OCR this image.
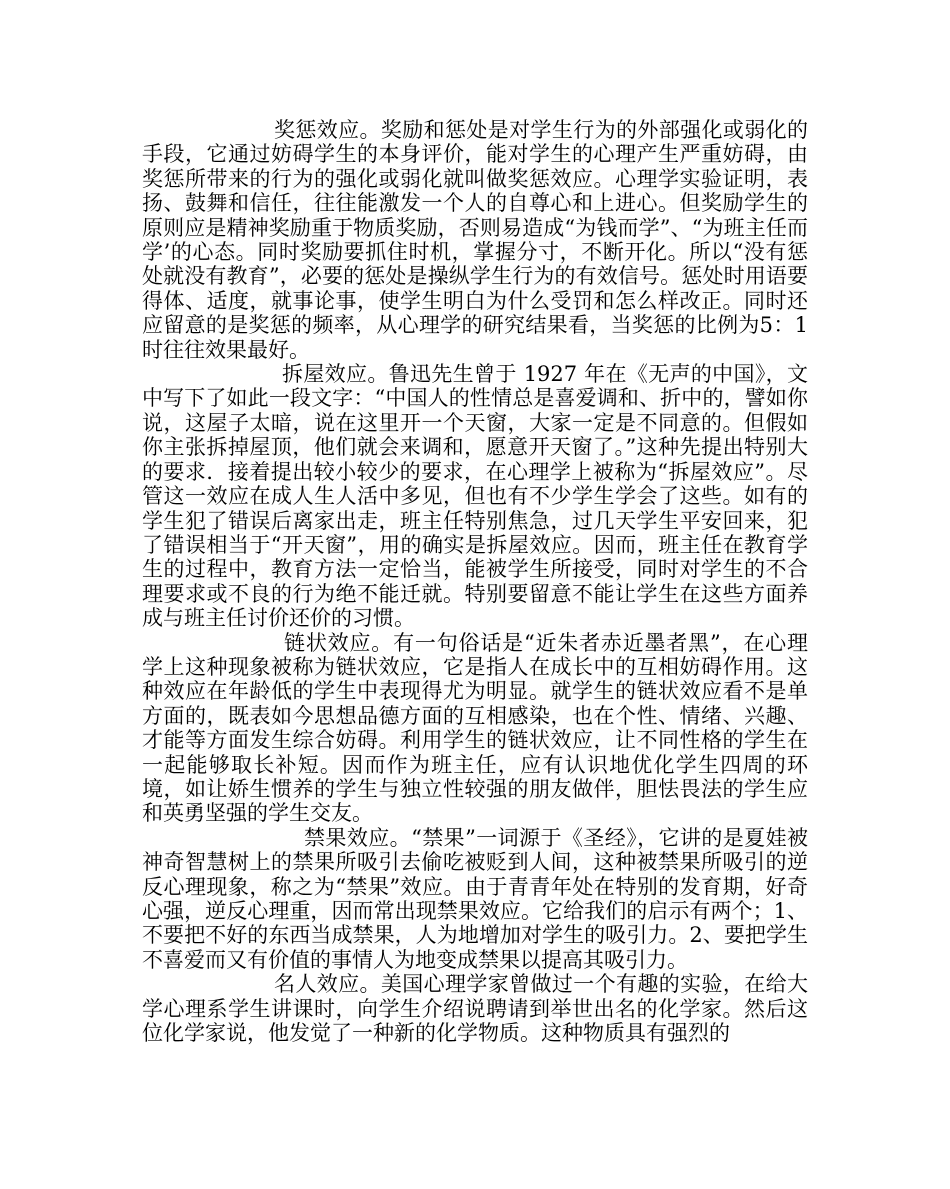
奖惩效应。奖励和惩处是对学生行为的外部强化或弱化的手段，它通过妨碍学生的本身评价，能对学生的心理产生严重妨碍，由奖惩所带来的行为的强化或弱化就叫做奖惩效应。心理学实验证明，表扬、鼓舞和信任，往往能激发一个人的自尊心和上进心。但奖励学生的原则应是精神奖励重于物质奖励，否则易造成“为钱而学”、“为班主任而学’的心态。同时奖励要抓住时机，掌握分寸，不断开化。所以“没有惩处就没有教育”，必要的惩处是操纵学生行为的有效信号。惩处时用语要得体、适度，就事论事，使学生明白为什么受罚和怎么样改正。同时还应留意的是奖惩的频率，从心理学的研究结果看，当奖惩的比例为5：1时往往效果最好。

拆屋效应。鲁迅先生曾于 1927 年在《无声的中国》，文中写下了如此一段文字：“中国人的性情总是喜爱调和、折中的，譬如你说，这屋子太暗，说在这里开一个天窗，大家一定是不同意的。但假如你主张拆掉屋顶，他们就会来调和，愿意开天窗了。”这种先提出特别大的要求．接着提出较小较少的要求，在心理学上被称为“拆屋效应”。尽管这一效应在成人生人活中多见，但也有不少学生学会了这些。如有的学生犯了错误后离家出走，班主任特别焦急，过几天学生平安回来，犯了错误相当于“开天窗”，用的确实是拆屋效应。因而，班主任在教育学生的过程中，教育方法一定恰当，能被学生所接受，同时对学生的不合理要求或不良的行为绝不能迁就。特别要留意不能让学生在这些方面养成与班主任讨价还价的习惯。

链状效应。有一句俗话是“近朱者赤近墨者黑”，在心理学上这种现象被称为链状效应，它是指人在成长中的互相妨碍作用。这种效应在年龄低的学生中表现得尤为明显。就学生的链状效应看不是单方面的，既表如今思想品德方面的互相感染，也在个性、情绪、兴趣、才能等方面发生综合妨碍。利用学生的链状效应，让不同性格的学生在一起能够取长补短。因而作为班主任，应有认识地优化学生四周的环境，如让娇生惯养的学生与独立性较强的朋友做伴，胆怯畏法的学生应和英勇坚强的学生交友。

禁果效应。“禁果”一词源于《圣经》，它讲的是夏娃被神奇智慧树上的禁果所吸引去偷吃被贬到人间，这种被禁果所吸引的逆反心理现象，称之为“禁果”效应。由于青青年处在特别的发育期，好奇心强，逆反心理重，因而常出现禁果效应。它给我们的启示有两个；1、不要把不好的东西当成禁果，人为地增加对学生的吸引力。2、要把学生不喜爱而又有价值的事情人为地变成禁果以提高其吸引力。

名人效应。美国心理学家曾做过一个有趣的实验，在给大学心理系学生讲课时，向学生介绍说聘请到举世出名的化学家。然后这位化学家说，他发觉了一种新的化学物质。这种物质具有强烈的
